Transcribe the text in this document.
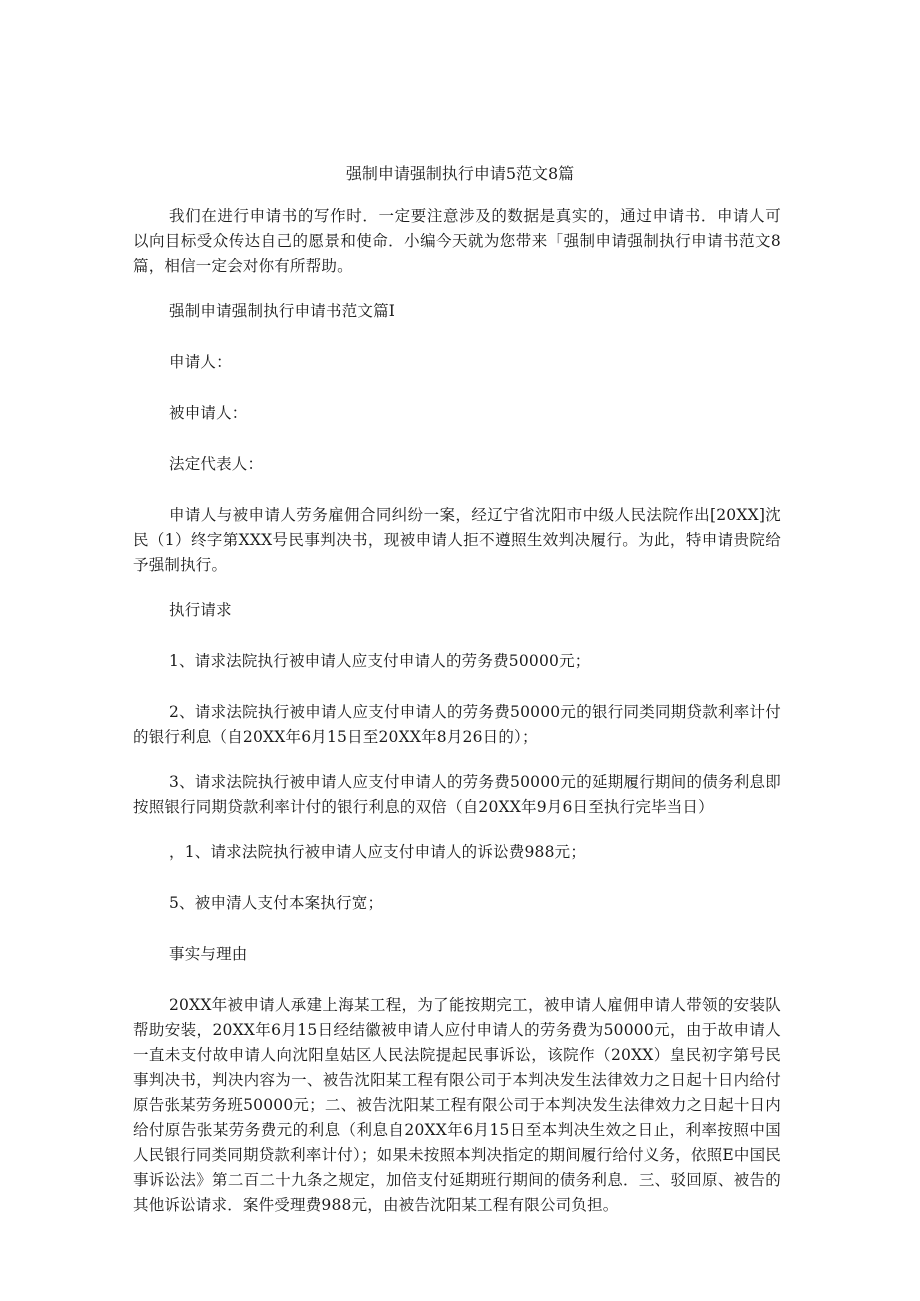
强制申请强制执行申请5范文8篇

我们在进行申请书的写作时．一定要注意涉及的数据是真实的，通过申请书．申请人可以向目标受众传达自己的愿景和使命．小编今天就为您带来「强制申请强制执行申请书范文8篇，相信一定会对你有所帮助。

强制申请强制执行申请书范文篇I

申请人：

被申请人：

法定代表人：

申请人与被申请人劳务雇佣合同纠纷一案，经辽宁省沈阳市中级人民法院作出[20XX]沈民（1）终字第XXX号民事判决书，现被申请人拒不遵照生效判决履行。为此，特申请贵院给予强制执行。

执行请求

1、请求法院执行被申请人应支付申请人的劳务费50000元；

2、请求法院执行被申请人应支付申请人的劳务费50000元的银行同类同期贷款利率计付的银行利息（自20XX年6月15日至20XX年8月26日的）；

3、请求法院执行被申请人应支付申请人的劳务费50000元的延期履行期间的债务利息即按照银行同期贷款利率计付的银行利息的双倍（自20XX年9月6日至执行完毕当日）

，1、请求法院执行被申请人应支付申请人的诉讼费988元；

5、被申清人支付本案执行宽；

事实与理由

20XX年被申请人承建上海某工程，为了能按期完工，被申请人雇佣申请人带领的安装队帮助安装，20XX年6月15日经结徽被申请人应付申请人的劳务费为50000元，由于故申请人一直未支付故申请人向沈阳皇姑区人民法院提起民事诉讼，该院作（20XX）皇民初字第号民事判决书，判决内容为一、被告沈阳某工程有限公司于本判决发生法律效力之日起十日内给付原告张某劳务班50000元；二、被告沈阳某工程有限公司于本判决发生法律效力之日起十日内给付原告张某劳务费元的利息（利息自20XX年6月15日至本判决生效之日止，利率按照中国人民银行同类同期贷款利率计付）；如果未按照本判决指定的期间履行给付义务，依照E中国民事诉讼法》第二百二十九条之规定，加倍支付延期班行期间的债务利息．三、驳回原、被告的其他诉讼请求．案件受理费988元，由被告沈阳某工程有限公司负担。
